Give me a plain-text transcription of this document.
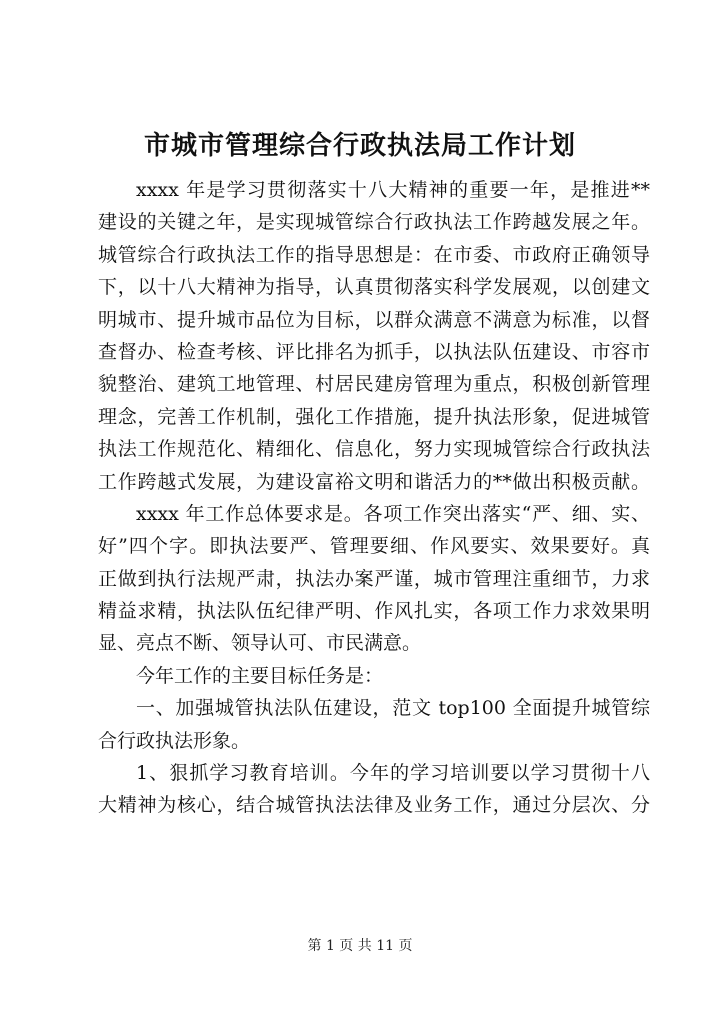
市城市管理综合行政执法局工作计划
xxxx 年是学习贯彻落实十八大精神的重要一年，是推进**
建设的关键之年，是实现城管综合行政执法工作跨越发展之年。
城管综合行政执法工作的指导思想是：在市委、市政府正确领导
下，以十八大精神为指导，认真贯彻落实科学发展观，以创建文
明城市、提升城市品位为目标，以群众满意不满意为标准，以督
查督办、检查考核、评比排名为抓手，以执法队伍建设、市容市
貌整治、建筑工地管理、村居民建房管理为重点，积极创新管理
理念，完善工作机制，强化工作措施，提升执法形象，促进城管
执法工作规范化、精细化、信息化，努力实现城管综合行政执法
工作跨越式发展，为建设富裕文明和谐活力的**做出积极贡献。
xxxx 年工作总体要求是。各项工作突出落实“严、细、实、
好”四个字。即执法要严、管理要细、作风要实、效果要好。真
正做到执行法规严肃，执法办案严谨，城市管理注重细节，力求
精益求精，执法队伍纪律严明、作风扎实，各项工作力求效果明
显、亮点不断、领导认可、市民满意。
今年工作的主要目标任务是：
一、加强城管执法队伍建设，范文 top100 全面提升城管综
合行政执法形象。
1、狠抓学习教育培训。今年的学习培训要以学习贯彻十八
大精神为核心，结合城管执法法律及业务工作，通过分层次、分
第 1 页 共 11 页
